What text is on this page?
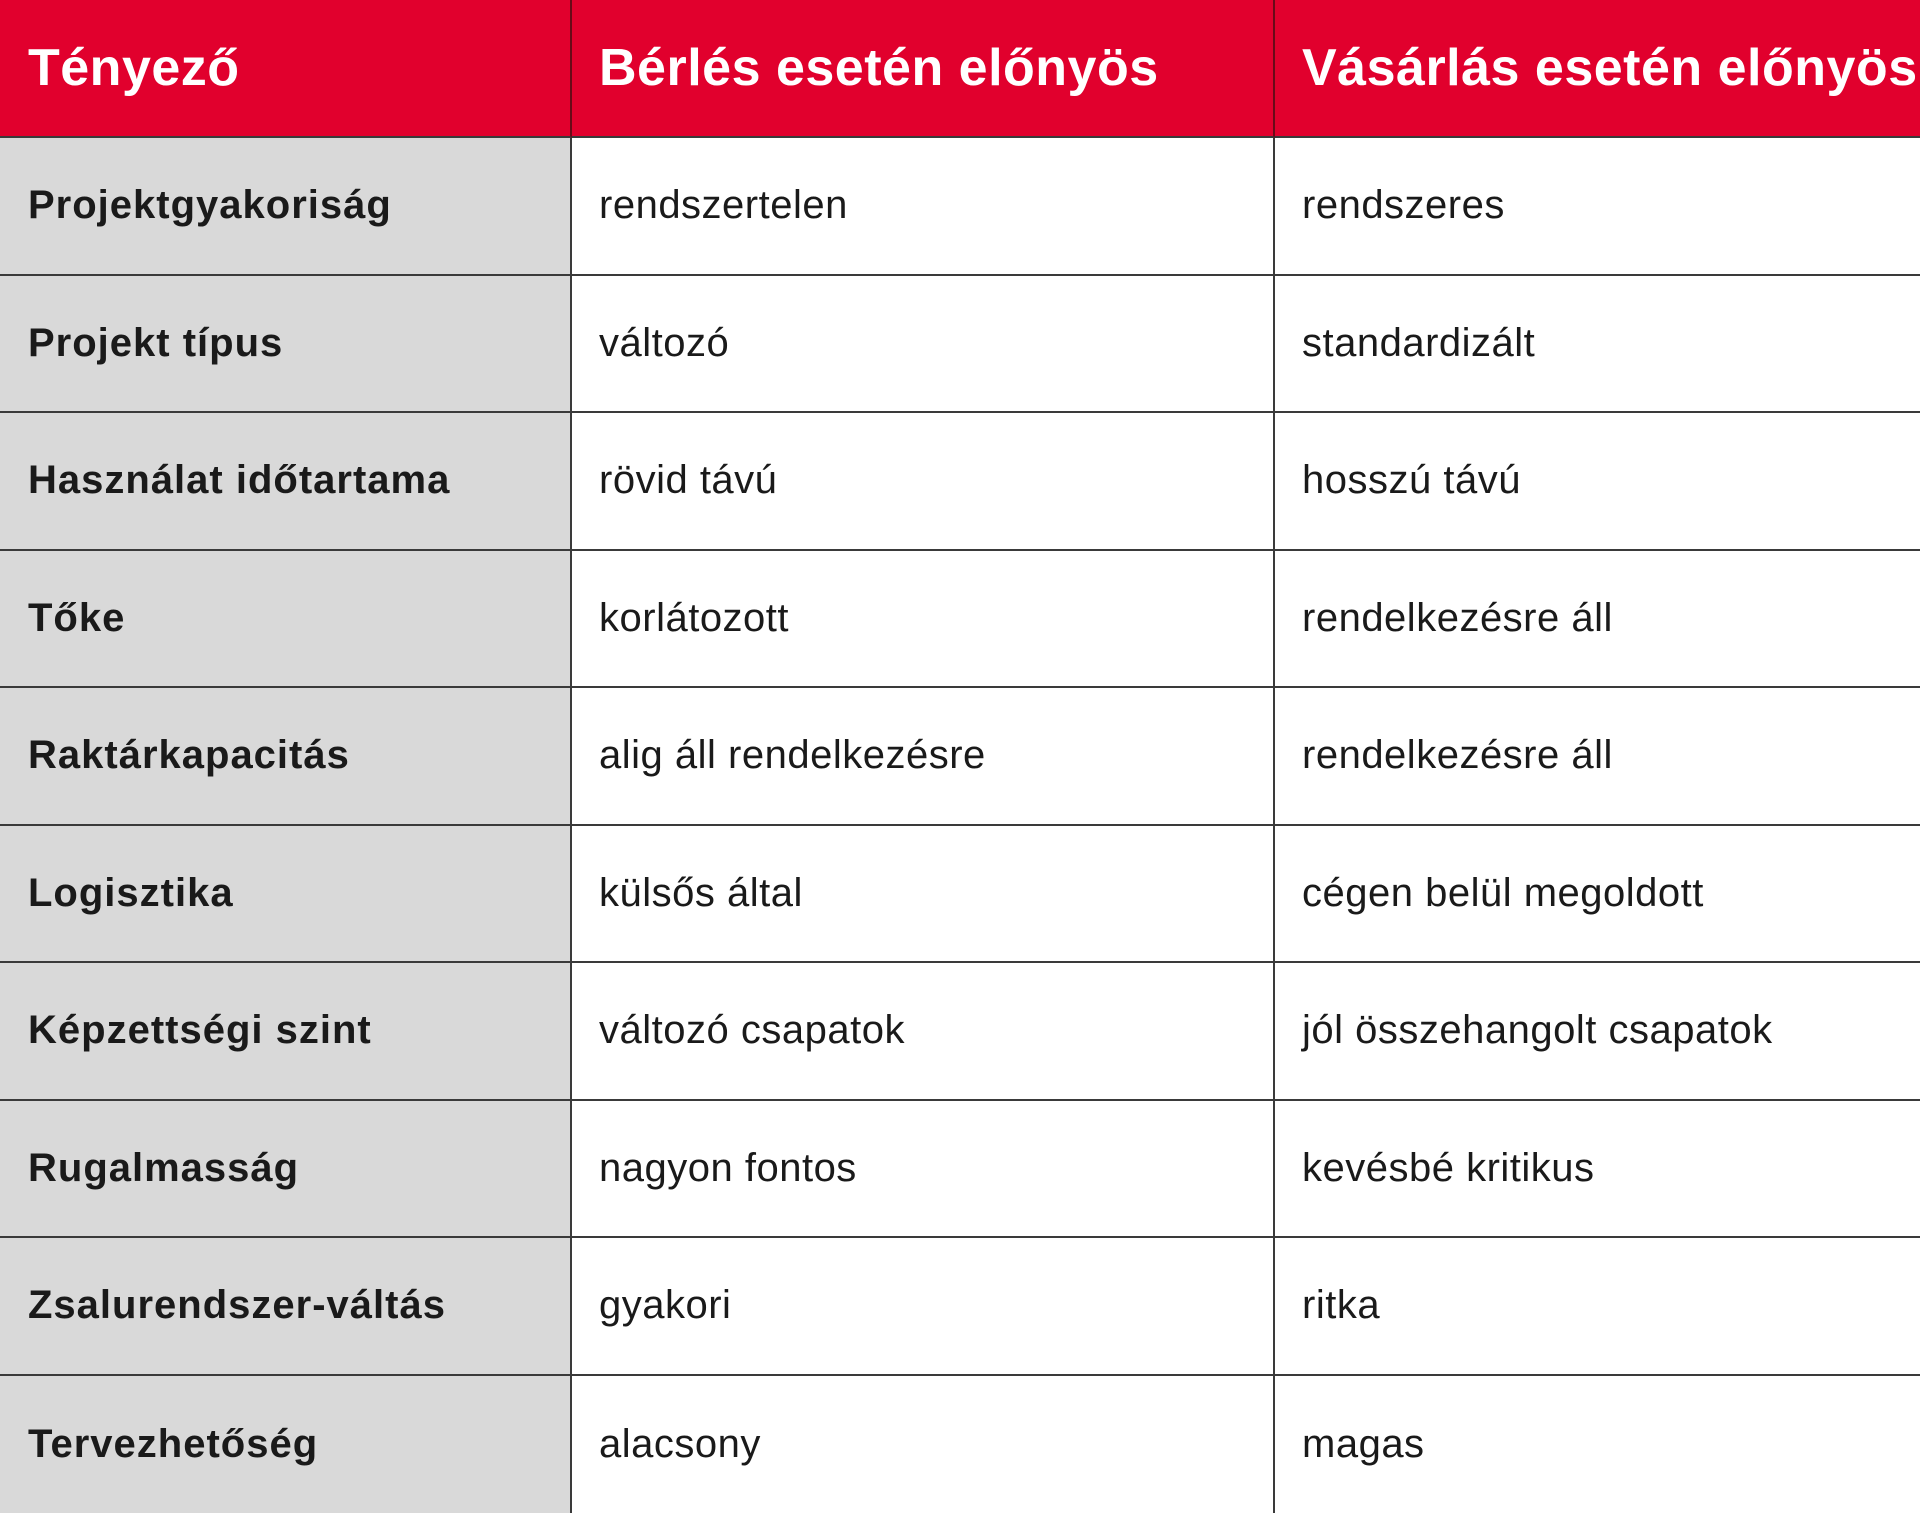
Tényező	Bérlés esetén előnyös	Vásárlás esetén előnyös
Projektgyakoriság	rendszertelen	rendszeres
Projekt típus	változó	standardizált
Használat időtartama	rövid távú	hosszú távú
Tőke	korlátozott	rendelkezésre áll
Raktárkapacitás	alig áll rendelkezésre	rendelkezésre áll
Logisztika	külsős által	cégen belül megoldott
Képzettségi szint	változó csapatok	jól összehangolt csapatok
Rugalmasság	nagyon fontos	kevésbé kritikus
Zsalurendszer-váltás	gyakori	ritka
Tervezhetőség	alacsony	magas
